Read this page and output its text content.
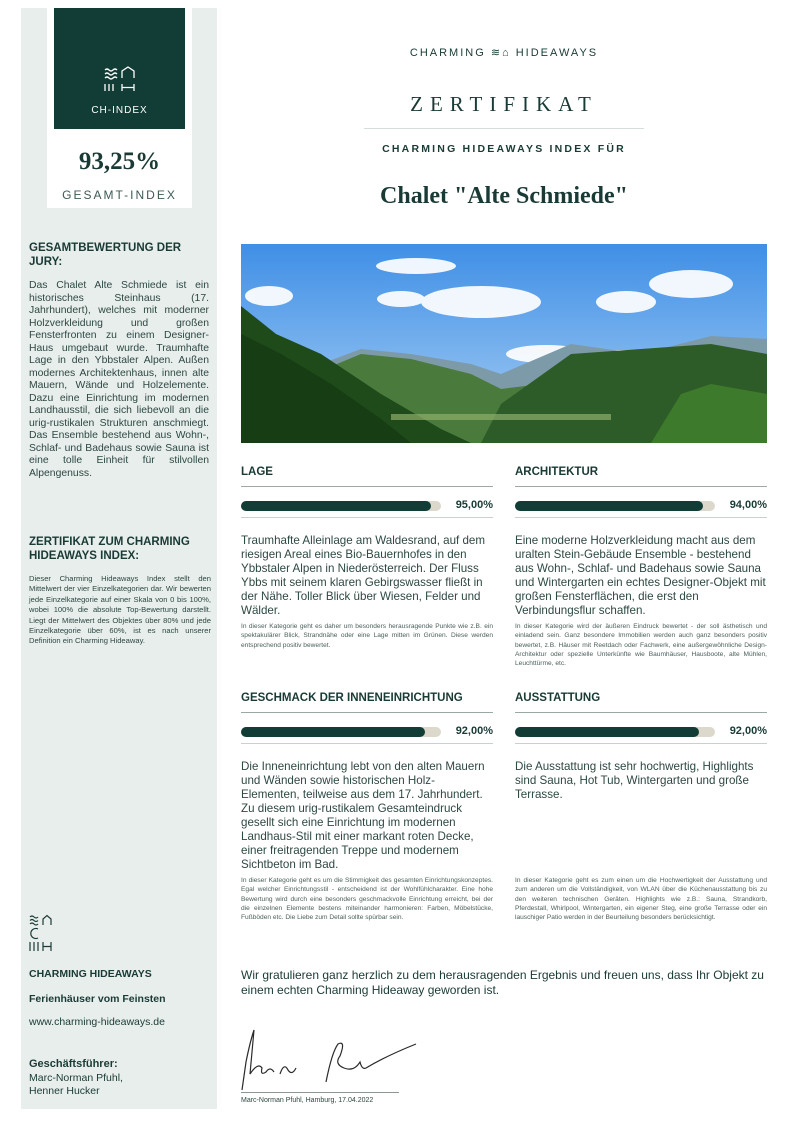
CH-INDEX
93,25%
GESAMT-INDEX
GESAMTBEWERTUNG DER JURY:
Das Chalet Alte Schmiede ist ein historisches Steinhaus (17. Jahrhundert), welches mit moderner Holzverkleidung und großen Fensterfronten zu einem Designer-Haus umgebaut wurde. Traumhafte Lage in den Ybbstaler Alpen. Außen modernes Architektenhaus, innen alte Mauern, Wände und Holzelemente. Dazu eine Einrichtung im modernen Landhausstil, die sich liebevoll an die urig-rustikalen Strukturen anschmiegt. Das Ensemble bestehend aus Wohn-, Schlaf- und Badehaus sowie Sauna ist eine tolle Einheit für stilvollen Alpengenuss.
ZERTIFIKAT ZUM CHARMING HIDEAWAYS INDEX:
Dieser Charming Hideaways Index stellt den Mittelwert der vier Einzelkategorien dar. Wir bewerten jede Einzelkategorie auf einer Skala von 0 bis 100%, wobei 100% die absolute Top-Bewertung darstellt. Liegt der Mittelwert des Objektes über 80% und jede Einzelkategorie über 60%, ist es nach unserer Definition ein Charming Hideaway.
CHARMING HIDEAWAYS
Ferienhäuser vom Feinsten
www.charming-hideaways.de
Geschäftsführer:
Marc-Norman Pfuhl,
Henner Hucker
CHARMING ≋⌂ HIDEAWAYS
ZERTIFIKAT
CHARMING HIDEAWAYS INDEX FÜR
Chalet "Alte Schmiede"
LAGE
95,00%
Traumhafte Alleinlage am Waldesrand, auf dem riesigen Areal eines Bio-Bauernhofes in den Ybbstaler Alpen in Niederösterreich. Der Fluss Ybbs mit seinem klaren Gebirgswasser fließt in der Nähe. Toller Blick über Wiesen, Felder und Wälder.
In dieser Kategorie geht es daher um besonders herausragende Punkte wie z.B. ein spektakulärer Blick, Strandnähe oder eine Lage mitten im Grünen. Diese werden entsprechend positiv bewertet.
ARCHITEKTUR
94,00%
Eine moderne Holzverkleidung macht aus dem uralten Stein-Gebäude Ensemble - bestehend aus Wohn-, Schlaf- und Badehaus sowie Sauna und Wintergarten ein echtes Designer-Objekt mit großen Fensterflächen, die erst den Verbindungsflur schaffen.
In dieser Kategorie wird der äußeren Eindruck bewertet - der soll ästhetisch und einladend sein. Ganz besondere Immobilien werden auch ganz besonders positiv bewertet, z.B. Häuser mit Reetdach oder Fachwerk, eine außergewöhnliche Design-Architektur oder spezielle Unterkünfte wie Baumhäuser, Hausboote, alte Mühlen, Leuchttürme, etc.
GESCHMACK DER INNENEINRICHTUNG
92,00%
Die Inneneinrichtung lebt von den alten Mauern und Wänden sowie historischen Holz-Elementen, teilweise aus dem 17. Jahrhundert. Zu diesem urig-rustikalem Gesamteindruck gesellt sich eine Einrichtung im modernen Landhaus-Stil mit einer markant roten Decke, einer freitragenden Treppe und modernem Sichtbeton im Bad.
In dieser Kategorie geht es um die Stimmigkeit des gesamten Einrichtungskonzeptes. Egal welcher Einrichtungsstil - entscheidend ist der Wohlfühlcharakter. Eine hohe Bewertung wird durch eine besonders geschmackvolle Einrichtung erreicht, bei der die einzelnen Elemente bestens miteinander harmonieren: Farben, Möbelstücke, Fußböden etc. Die Liebe zum Detail sollte spürbar sein.
AUSSTATTUNG
92,00%
Die Ausstattung ist sehr hochwertig, Highlights sind Sauna, Hot Tub, Wintergarten und große Terrasse.
In dieser Kategorie geht es zum einen um die Hochwertigkeit der Ausstattung und zum anderen um die Vollständigkeit, von WLAN über die Küchenausstattung bis zu den weiteren technischen Geräten. Highlights wie z.B.: Sauna, Strandkorb, Pferdestall, Whirlpool, Wintergarten, ein eigener Steg, eine große Terrasse oder ein lauschiger Patio werden in der Beurteilung besonders berücksichtigt.
Wir gratulieren ganz herzlich zu dem herausragenden Ergebnis und freuen uns, dass Ihr Objekt zu einem echten Charming Hideaway geworden ist.
Marc-Norman Pfuhl, Hamburg, 17.04.2022
